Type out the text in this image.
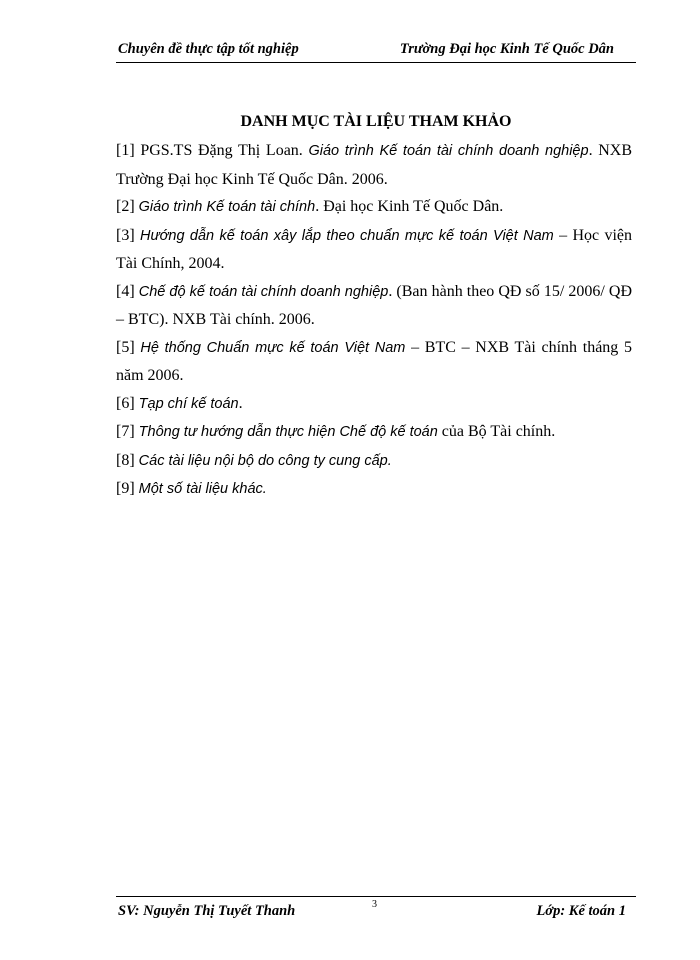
Chuyên đề thực tập tốt nghiệp	Trường Đại học Kinh Tế Quốc Dân
DANH MỤC TÀI LIỆU THAM KHẢO

[1] PGS.TS Đặng Thị Loan. Giáo trình Kế toán tài chính doanh nghiệp. NXB Trường Đại học Kinh Tế Quốc Dân. 2006.

[2] Giáo trình Kế toán tài chính. Đại học Kinh Tế Quốc Dân.

[3] Hướng dẫn kế toán xây lắp theo chuẩn mực kế toán Việt Nam – Học viện Tài Chính, 2004.

[4] Chế độ kế toán tài chính doanh nghiệp. (Ban hành theo QĐ số 15/ 2006/ QĐ – BTC). NXB Tài chính. 2006.

[5] Hệ thống Chuẩn mực kế toán Việt Nam – BTC – NXB Tài chính tháng 5 năm 2006.

[6] Tạp chí kế toán.

[7] Thông tư hướng dẫn thực hiện Chế độ kế toán của Bộ Tài chính.

[8] Các tài liệu nội bộ do công ty cung cấp.

[9] Một số tài liệu khác.

SV: Nguyễn Thị Tuyết Thanh	3	Lớp: Kế toán 1
